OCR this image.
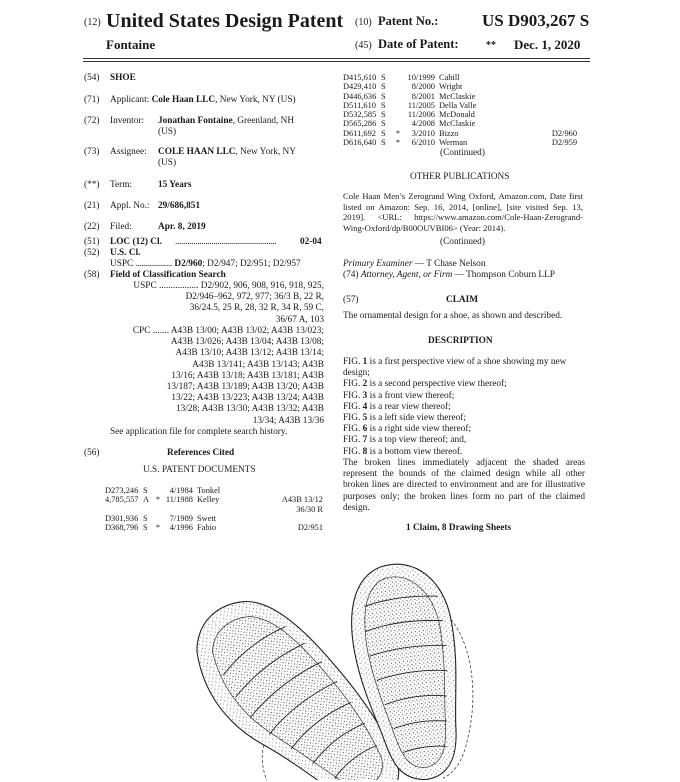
(12) United States Design Patent
Fontaine
(10) Patent No.:	US D903,267 S
(45) Date of Patent:	** Dec. 1, 2020
(54) SHOE
(71) Applicant: Cole Haan LLC, New York, NY (US)
(72) Inventor: Jonathan Fontaine, Greenland, NH
(US)
(73) Assignee: COLE HAAN LLC, New York, NY
(US)
(**) Term:	15 Years
(21) Appl. No.: 29/686,851
(22) Filed:	Apr. 8, 2019
(51) LOC (12) Cl. ..................................................	02-04
(52) U.S. Cl.
USPC .................. D2/960; D2/947; D2/951; D2/957
(58) Field of Classification Search
USPC ................. D2/902, 906, 908, 916, 918, 925,
D2/946–962, 972, 977; 36/3 B, 22 R,
36/24.5, 25 R, 28, 32 R, 34 R, 59 C,
36/67 A, 103
CPC ....... A43B 13/00; A43B 13/02; A43B 13/023;
A43B 13/026; A43B 13/04; A43B 13/08;
A43B 13/10; A43B 13/12; A43B 13/14;
A43B 13/141; A43B 13/143; A43B
13/16; A43B 13/18; A43B 13/181; A43B
13/187; A43B 13/189; A43B 13/20; A43B
13/22; A43B 13/223; A43B 13/24; A43B
13/28; A43B 13/30; A43B 13/32; A43B
13/34; A43B 13/36
See application file for complete search history.
(56)	References Cited
U.S. PATENT DOCUMENTS
D273,246	S		4/1984	Tonkel	
4,785,557	A	*	11/1988	Kelley	A43B 13/12
					36/30 R
D301,936	S		7/1989	Swett	
D368,796	S	*	4/1996	Fabio	D2/951
D415,610	S		10/1999	Cahill	
D429,410	S		8/2000	Wright	
D446,636	S		8/2001	McClaskie	
D511,610	S		11/2005	Della Valle	
D532,585	S		11/2006	McDonald	
D565,286	S		4/2008	McClaskie	
D611,692	S	*	3/2010	Bizzo	D2/960
D616,640	S	*	6/2010	Werman	D2/959
(Continued)
OTHER PUBLICATIONS
Cole Haan Men’s Zerogrand Wing Oxford, Amazon.com, Date first listed on Amazon: Sep. 16, 2014, [online], [site visited Sep. 13, 2019]. <URL: https://www.amazon.com/Cole-Haan-Zerogrand-Wing-Oxford/dp/B00OUVBI06> (Year: 2014).
(Continued)
Primary Examiner — T Chase Nelson
(74) Attorney, Agent, or Firm — Thompson Coburn LLP
(57)	CLAIM
The ornamental design for a shoe, as shown and described.
DESCRIPTION
FIG. 1 is a first perspective view of a shoe showing my new design;
FIG. 2 is a second perspective view thereof;
FIG. 3 is a front view thereof;
FIG. 4 is a rear view thereof;
FIG. 5 is a left side view thereof;
FIG. 6 is a right side view thereof;
FIG. 7 is a top view thereof; and,
FIG. 8 is a bottom view thereof.
The broken lines immediately adjacent the shaded areas represent the bounds of the claimed design while all other broken lines are directed to environment and are for illustrative purposes only; the broken lines form no part of the claimed design.
1 Claim, 8 Drawing Sheets
